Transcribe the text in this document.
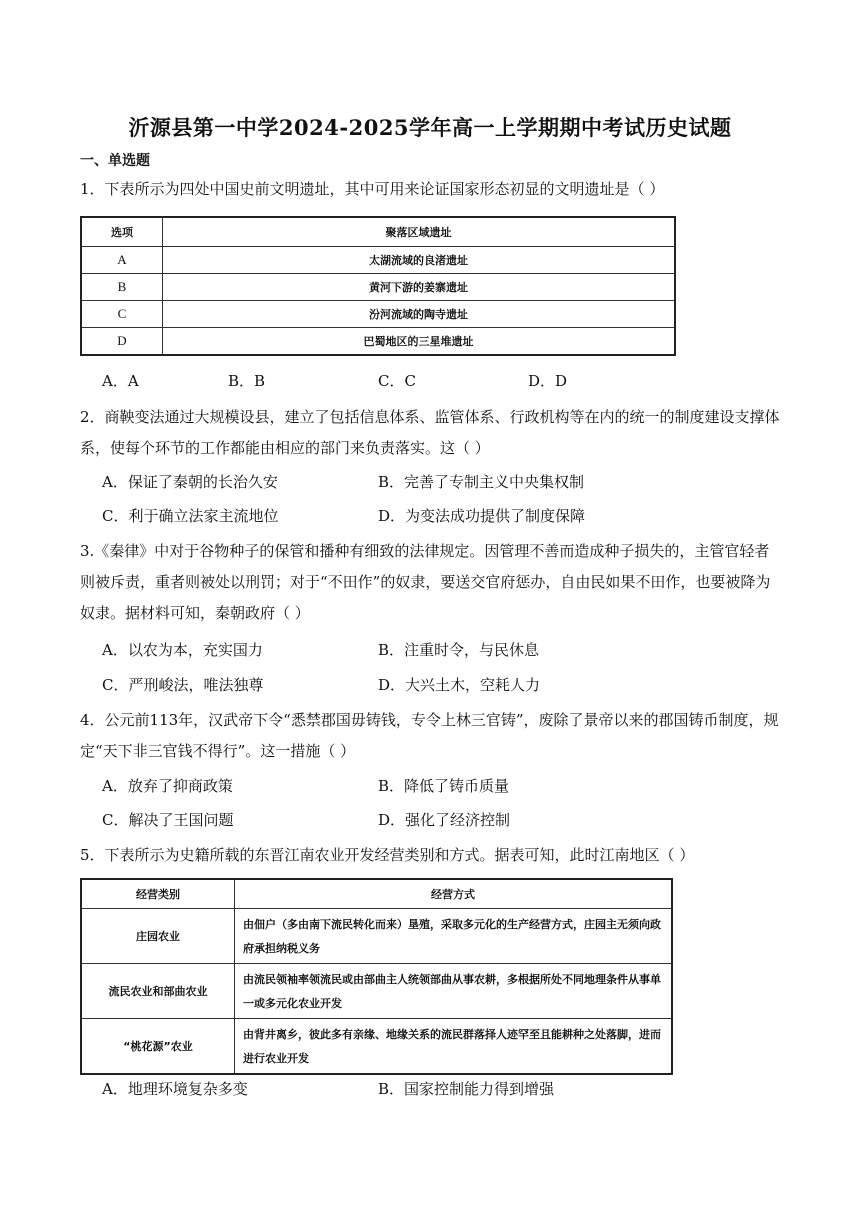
沂源县第一中学2024-2025学年高一上学期期中考试历史试题
一、单选题
1．下表所示为四处中国史前文明遗址，其中可用来论证国家形态初显的文明遗址是（ ）
选项	聚落区域遗址
A	太湖流域的良渚遗址
B	黄河下游的姜寨遗址
C	汾河流域的陶寺遗址
D	巴蜀地区的三星堆遗址
A．A	B．B	C．C	D．D
2．商鞅变法通过大规模设县，建立了包括信息体系、监管体系、行政机构等在内的统一的制度建设支撑体系，使每个环节的工作都能由相应的部门来负责落实。这（ ）
A．保证了秦朝的长治久安	B．完善了专制主义中央集权制
C．利于确立法家主流地位	D．为变法成功提供了制度保障
3.《秦律》中对于谷物种子的保管和播种有细致的法律规定。因管理不善而造成种子损失的，主管官轻者则被斥责，重者则被处以刑罚；对于“不田作”的奴隶，要送交官府惩办，自由民如果不田作，也要被降为奴隶。据材料可知，秦朝政府（ ）
A．以农为本，充实国力	B．注重时令，与民休息
C．严刑峻法，唯法独尊	D．大兴土木，空耗人力
4．公元前113年，汉武帝下令“悉禁郡国毋铸钱，专令上林三官铸”，废除了景帝以来的郡国铸币制度，规定“天下非三官钱不得行”。这一措施（ ）
A．放弃了抑商政策	B．降低了铸币质量
C．解决了王国问题	D．强化了经济控制
5．下表所示为史籍所载的东晋江南农业开发经营类别和方式。据表可知，此时江南地区（ ）
经营类别	经营方式
庄园农业	由佃户（多由南下流民转化而来）垦殖，采取多元化的生产经营方式，庄园主无须向政府承担纳税义务
流民农业和部曲农业	由流民领袖率领流民或由部曲主人统领部曲从事农耕，多根据所处不同地理条件从事单一或多元化农业开发
“桃花源”农业	由背井离乡，彼此多有亲缘、地缘关系的流民群落择人迹罕至且能耕种之处落脚，进而进行农业开发
A．地理环境复杂多变	B．国家控制能力得到增强
